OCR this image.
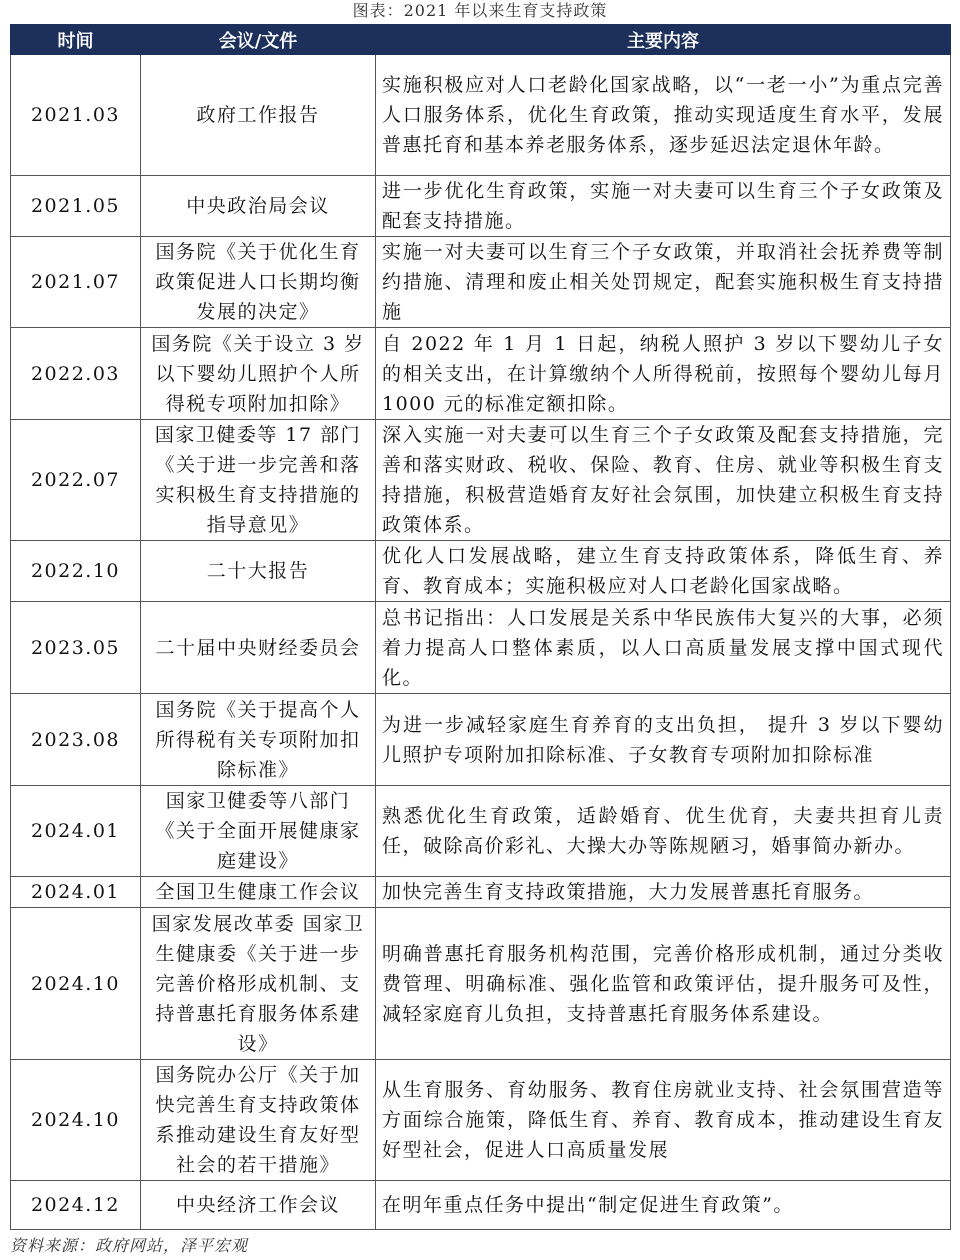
图表：2021 年以来生育支持政策
时间	会议/文件	主要内容
2021.03	政府工作报告	实施积极应对人口老龄化国家战略，以“一老一小”为重点完善人口服务体系，优化生育政策，推动实现适度生育水平，发展普惠托育和基本养老服务体系，逐步延迟法定退休年龄。
2021.05	中央政治局会议	进一步优化生育政策，实施一对夫妻可以生育三个子女政策及配套支持措施。
2021.07	国务院《关于优化生育政策促进人口长期均衡发展的决定》	实施一对夫妻可以生育三个子女政策，并取消社会抚养费等制约措施、清理和废止相关处罚规定，配套实施积极生育支持措施
2022.03	国务院《关于设立 3 岁以下婴幼儿照护个人所得税专项附加扣除》	自 2022 年 1 月 1 日起，纳税人照护 3 岁以下婴幼儿子女的相关支出，在计算缴纳个人所得税前，按照每个婴幼儿每月1000 元的标准定额扣除。
2022.07	国家卫健委等 17 部门《关于进一步完善和落实积极生育支持措施的指导意见》	深入实施一对夫妻可以生育三个子女政策及配套支持措施，完善和落实财政、税收、保险、教育、住房、就业等积极生育支持措施，积极营造婚育友好社会氛围，加快建立积极生育支持政策体系。
2022.10	二十大报告	优化人口发展战略，建立生育支持政策体系，降低生育、养育、教育成本；实施积极应对人口老龄化国家战略。
2023.05	二十届中央财经委员会	总书记指出：人口发展是关系中华民族伟大复兴的大事，必须着力提高人口整体素质，以人口高质量发展支撑中国式现代化。
2023.08	国务院《关于提高个人所得税有关专项附加扣除标准》	为进一步减轻家庭生育养育的支出负担， 提升 3 岁以下婴幼儿照护专项附加扣除标准、子女教育专项附加扣除标准
2024.01	国家卫健委等八部门《关于全面开展健康家庭建设》	熟悉优化生育政策，适龄婚育、优生优育，夫妻共担育儿责任，破除高价彩礼、大操大办等陈规陋习，婚事简办新办。
2024.01	全国卫生健康工作会议	加快完善生育支持政策措施，大力发展普惠托育服务。
2024.10	国家发展改革委 国家卫生健康委《关于进一步完善价格形成机制、支持普惠托育服务体系建设》	明确普惠托育服务机构范围，完善价格形成机制，通过分类收费管理、明确标准、强化监管和政策评估，提升服务可及性，减轻家庭育儿负担，支持普惠托育服务体系建设。
2024.10	国务院办公厅《关于加快完善生育支持政策体系推动建设生育友好型社会的若干措施》	从生育服务、育幼服务、教育住房就业支持、社会氛围营造等方面综合施策，降低生育、养育、教育成本，推动建设生育友好型社会，促进人口高质量发展
2024.12	中央经济工作会议	在明年重点任务中提出“制定促进生育政策”。
资料来源：政府网站，泽平宏观
